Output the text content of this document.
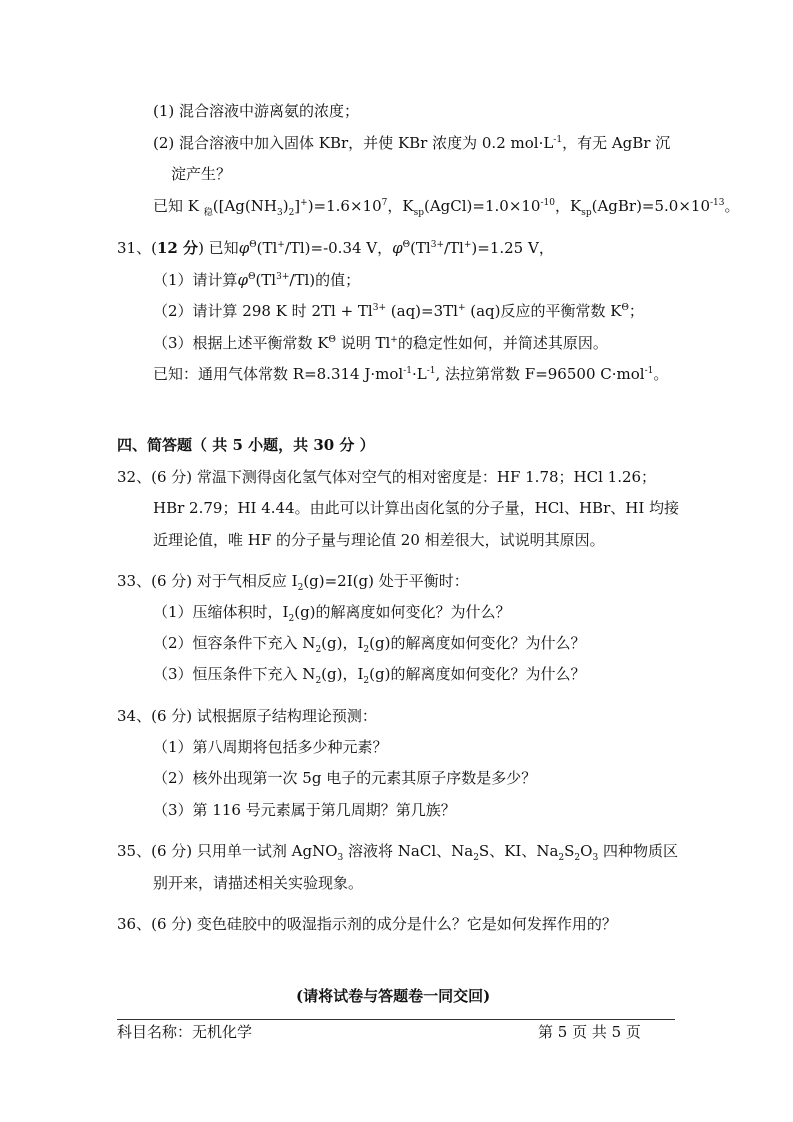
(1) 混合溶液中游离氨的浓度；
(2) 混合溶液中加入固体 KBr，并使 KBr 浓度为 0.2 $mol\cdot L^{-1}$，有无 AgBr 沉
淀产生？
已知 K $_稳([Ag(NH_3)_2]^+)=1.6\times 10^7$，$K_{sp}(AgCl)=1.0\times 10^{-10}$，$K_{sp}(AgBr)=5.0\times 10^{-13}$。
31、(12 分) 已知$\varphi^\Theta(Tl^+/Tl)=-0.34$ V，$\varphi^\Theta(Tl^{3+}/Tl^+)=1.25$ V，
（1）请计算$\varphi^\Theta(Tl^{3+}/Tl)$的值；
（2）请计算 298 K 时 $2Tl + Tl^{3+}$ (aq)=3Tl+ (aq)反应的平衡常数 $K^\Theta$；
（3）根据上述平衡常数 $K^\Theta$ 说明 Tl+的稳定性如何，并简述其原因。
已知：通用气体常数 R=8.314 $J\cdot mol^{-1}\cdot L^{-1}$, 法拉第常数 F=96500 C·mol$^{-1}$。
四、简答题（ 共 5 小题，共 30 分 ）
32、(6 分) 常温下测得卤化氢气体对空气的相对密度是：HF 1.78；HCl 1.26；
HBr 2.79；HI 4.44。由此可以计算出卤化氢的分子量，HCl、HBr、HI 均接
近理论值，唯 HF 的分子量与理论值 20 相差很大，试说明其原因。
33、(6 分) 对于气相反应 $I_2(g)=2I(g)$ 处于平衡时：
（1）压缩体积时，$I_2(g)$的解离度如何变化？为什么？
（2）恒容条件下充入 $N_2(g)$，$I_2(g)$的解离度如何变化？为什么？
（3）恒压条件下充入 $N_2(g)$，$I_2(g)$的解离度如何变化？为什么？
34、(6 分) 试根据原子结构理论预测：
（1）第八周期将包括多少种元素？
（2）核外出现第一次 5g 电子的元素其原子序数是多少？
（3）第 116 号元素属于第几周期？第几族？
35、(6 分) 只用单一试剂 AgNO$_3$ 溶液将 NaCl、$Na_2S$、KI、$Na_2S_2O_3$ 四种物质区
别开来，请描述相关实验现象。
36、(6 分) 变色硅胶中的吸湿指示剂的成分是什么？它是如何发挥作用的？
(请将试卷与答题卷一同交回)
科目名称：无机化学	第 5 页 共 5 页
